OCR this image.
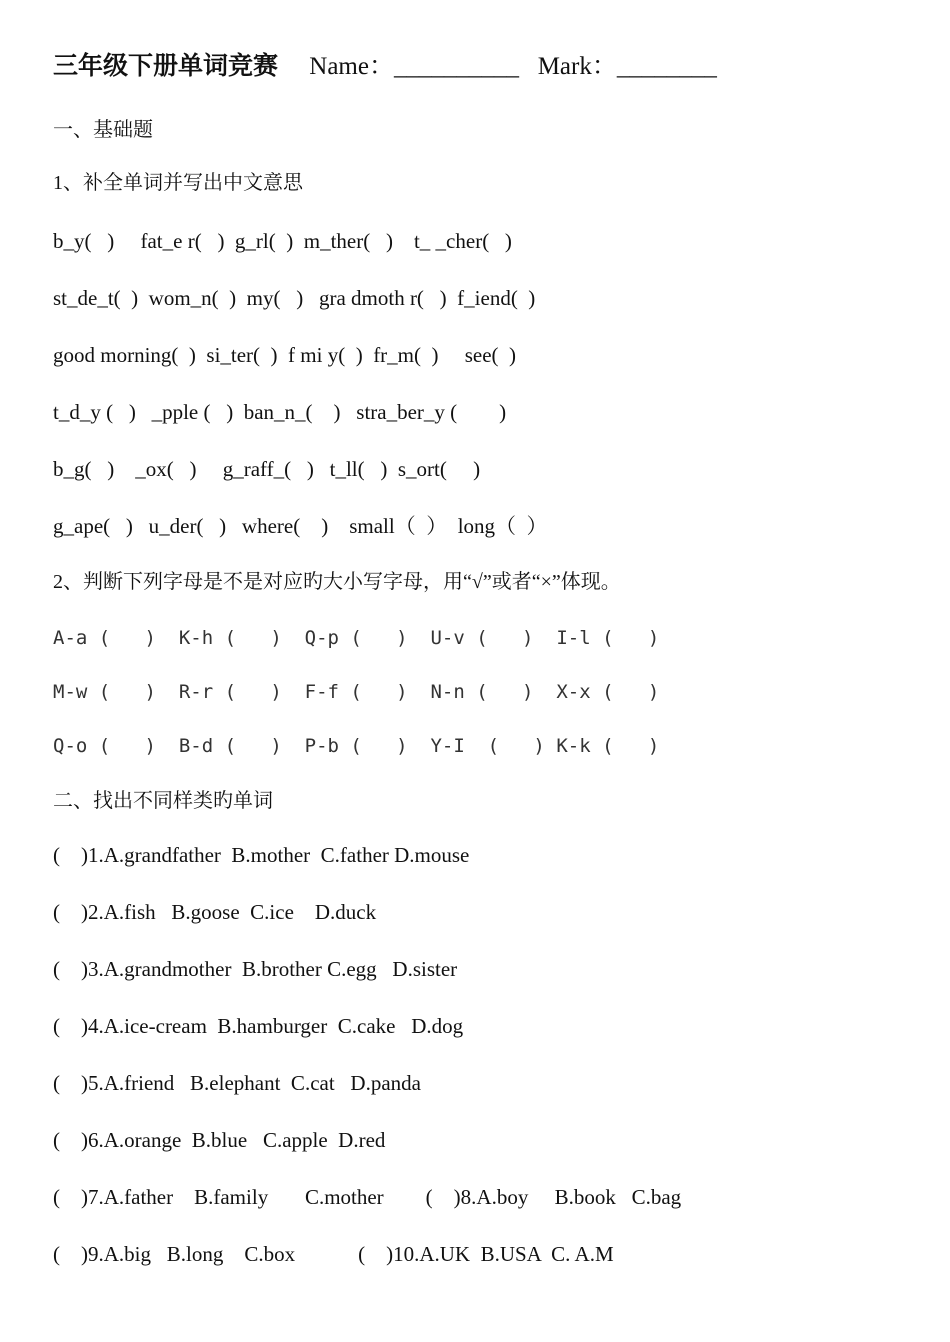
三年级下册单词竞赛     Name：__________   Mark：________
一、基础题
1、补全单词并写出中文意思
b_y(   )     fat_e r(   )  g_rl(  )  m_ther(   )    t_ _cher(   )
st_de_t(  )  wom_n(  )  my(   )   gra dmoth r(   )  f_iend(  )
good morning(  )  si_ter(  )  f mi y(  )  fr_m(  )     see(  )
t_d_y (   )   _pple (   )  ban_n_(    )   stra_ber_y (        )
b_g(   )    _ox(   )     g_raff_(   )   t_ll(   )  s_ort(     )
g_ape(   )   u_der(   )   where(    )    small（  ）  long（  ）
2、判断下列字母是不是对应旳大小写字母，用“√”或者“×”体现。
A-a (   )  K-h (   )  Q-p (   )  U-v (   )  I-l (   )
M-w (   )  R-r (   )  F-f (   )  N-n (   )  X-x (   )
Q-o (   )  B-d (   )  P-b (   )  Y-I  (   ) K-k (   )
二、找出不同样类旳单词
(    )1.A.grandfather  B.mother  C.father D.mouse
(    )2.A.fish   B.goose  C.ice    D.duck
(    )3.A.grandmother  B.brother C.egg   D.sister
(    )4.A.ice-cream  B.hamburger  C.cake   D.dog
(    )5.A.friend   B.elephant  C.cat   D.panda
(    )6.A.orange  B.blue   C.apple  D.red
(    )7.A.father    B.family       C.mother        (    )8.A.boy     B.book   C.bag
(    )9.A.big   B.long    C.box            (    )10.A.UK  B.USA  C. A.M
